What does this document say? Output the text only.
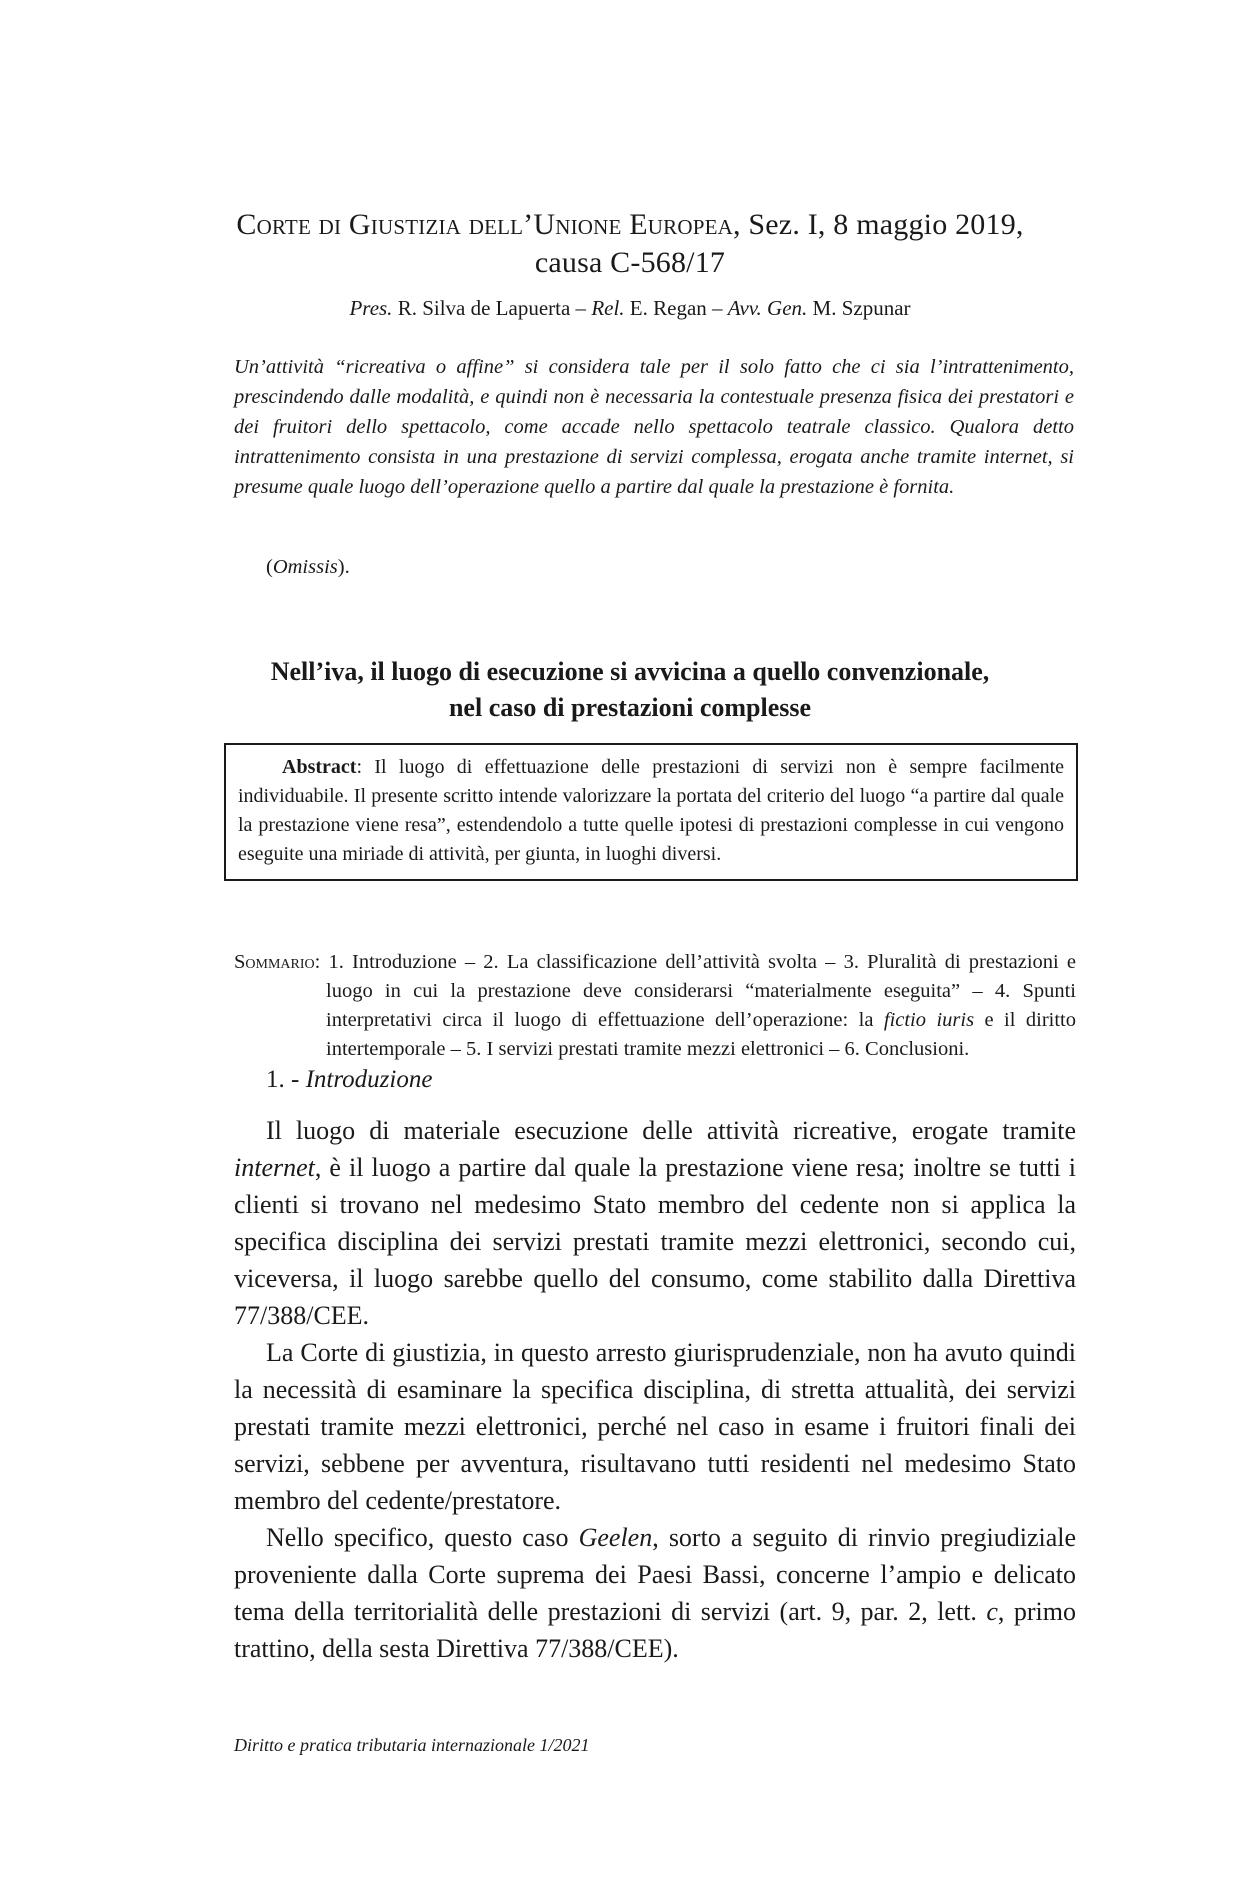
Corte di Giustizia dell’Unione Europea, Sez. I, 8 maggio 2019,
causa C-568/17
Pres. R. Silva de Lapuerta – Rel. E. Regan – Avv. Gen. M. Szpunar
Un’attività “ricreativa o affine” si considera tale per il solo fatto che ci sia l’intrattenimento, prescindendo dalle modalità, e quindi non è necessaria la contestuale presenza fisica dei prestatori e dei fruitori dello spettacolo, come accade nello spettacolo teatrale classico. Qualora detto intrattenimento consista in una prestazione di servizi complessa, erogata anche tramite internet, si presume quale luogo dell’operazione quello a partire dal quale la prestazione è fornita.
(Omissis).
Nell’iva, il luogo di esecuzione si avvicina a quello convenzionale,
nel caso di prestazioni complesse
Abstract: Il luogo di effettuazione delle prestazioni di servizi non è sempre facilmente individuabile. Il presente scritto intende valorizzare la portata del criterio del luogo “a partire dal quale la prestazione viene resa”, estendendolo a tutte quelle ipotesi di prestazioni complesse in cui vengono eseguite una miriade di attività, per giunta, in luoghi diversi.
Sommario: 1. Introduzione – 2. La classificazione dell’attività svolta – 3. Pluralità di prestazioni e luogo in cui la prestazione deve considerarsi “materialmente eseguita” – 4. Spunti interpretativi circa il luogo di effettuazione dell’operazione: la fictio iuris e il diritto intertemporale – 5. I servizi prestati tramite mezzi elettronici – 6. Conclusioni.
1. - Introduzione

Il luogo di materiale esecuzione delle attività ricreative, erogate tramite internet, è il luogo a partire dal quale la prestazione viene resa; inoltre se tutti i clienti si trovano nel medesimo Stato membro del cedente non si applica la specifica disciplina dei servizi prestati tramite mezzi elettronici, secondo cui, viceversa, il luogo sarebbe quello del consumo, come stabilito dalla Direttiva 77/388/CEE.

La Corte di giustizia, in questo arresto giurisprudenziale, non ha avuto quindi la necessità di esaminare la specifica disciplina, di stretta attualità, dei servizi prestati tramite mezzi elettronici, perché nel caso in esame i fruitori finali dei servizi, sebbene per avventura, risultavano tutti residenti nel medesimo Stato membro del cedente/prestatore.

Nello specifico, questo caso Geelen, sorto a seguito di rinvio pregiudiziale proveniente dalla Corte suprema dei Paesi Bassi, concerne l’ampio e delicato tema della territorialità delle prestazioni di servizi (art. 9, par. 2, lett. c, primo trattino, della sesta Direttiva 77/388/CEE).

Diritto e pratica tributaria internazionale 1/2021
